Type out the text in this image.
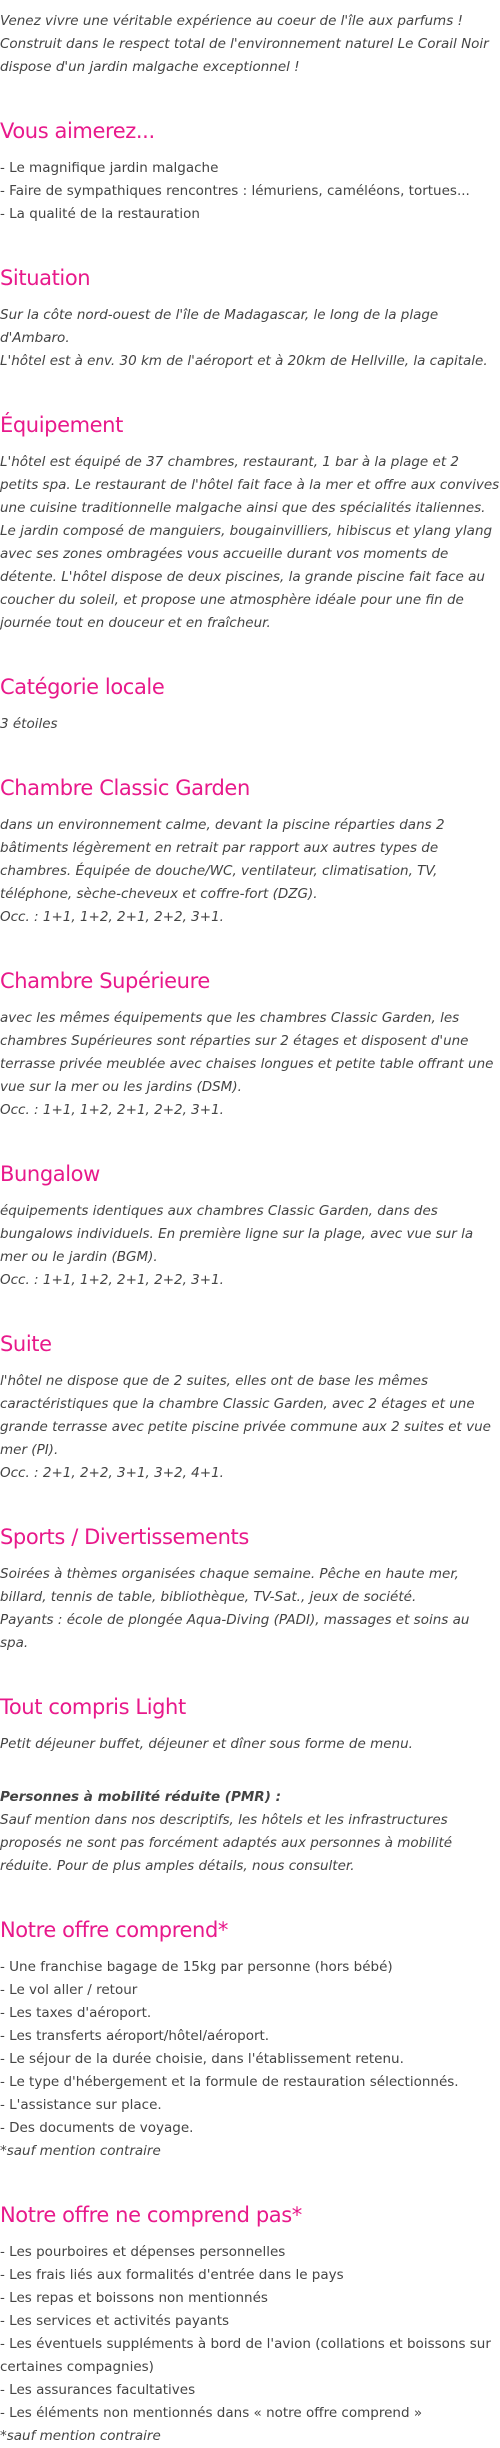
Venez vivre une véritable expérience au coeur de l'île aux parfums ! Construit dans le respect total de l'environnement naturel Le Corail Noir dispose d'un jardin malgache exceptionnel !

Vous aimerez...
- Le magnifique jardin malgache
- Faire de sympathiques rencontres : lémuriens, caméléons, tortues...
- La qualité de la restauration
Situation

Sur la côte nord-ouest de l'île de Madagascar, le long de la plage d'Ambaro.

L'hôtel est à env. 30 km de l'aéroport et à 20km de Hellville, la capitale.

Équipement

L'hôtel est équipé de 37 chambres, restaurant, 1 bar à la plage et 2 petits spa. Le restaurant de l'hôtel fait face à la mer et offre aux convives une cuisine traditionnelle malgache ainsi que des spécialités italiennes. Le jardin composé de manguiers, bougainvilliers, hibiscus et ylang ylang avec ses zones ombragées vous accueille durant vos moments de détente. L'hôtel dispose de deux piscines, la grande piscine fait face au coucher du soleil, et propose une atmosphère idéale pour une fin de journée tout en douceur et en fraîcheur.

Catégorie locale

3 étoiles

Chambre Classic Garden

dans un environnement calme, devant la piscine réparties dans 2 bâtiments légèrement en retrait par rapport aux autres types de chambres. Équipée de douche/WC, ventilateur, climatisation, TV, téléphone, sèche-cheveux et coffre-fort (DZG).

Occ. : 1+1, 1+2, 2+1, 2+2, 3+1.

Chambre Supérieure

avec les mêmes équipements que les chambres Classic Garden, les chambres Supérieures sont réparties sur 2 étages et disposent d'une terrasse privée meublée avec chaises longues et petite table offrant une vue sur la mer ou les jardins (DSM).

Occ. : 1+1, 1+2, 2+1, 2+2, 3+1.

Bungalow

équipements identiques aux chambres Classic Garden, dans des bungalows individuels. En première ligne sur la plage, avec vue sur la mer ou le jardin (BGM).

Occ. : 1+1, 1+2, 2+1, 2+2, 3+1.

Suite

l'hôtel ne dispose que de 2 suites, elles ont de base les mêmes caractéristiques que la chambre Classic Garden, avec 2 étages et une grande terrasse avec petite piscine privée commune aux 2 suites et vue mer (PI).

Occ. : 2+1, 2+2, 3+1, 3+2, 4+1.

Sports / Divertissements

Soirées à thèmes organisées chaque semaine. Pêche en haute mer, billard, tennis de table, bibliothèque, TV-Sat., jeux de société.

Payants : école de plongée Aqua-Diving (PADI), massages et soins au spa.

Tout compris Light

Petit déjeuner buffet, déjeuner et dîner sous forme de menu.

Personnes à mobilité réduite (PMR) :

Sauf mention dans nos descriptifs, les hôtels et les infrastructures proposés ne sont pas forcément adaptés aux personnes à mobilité réduite. Pour de plus amples détails, nous consulter.

Notre offre comprend*
- Une franchise bagage de 15kg par personne (hors bébé)
- Le vol aller / retour
- Les taxes d'aéroport.
- Les transferts aéroport/hôtel/aéroport.
- Le séjour de la durée choisie, dans l'établissement retenu.
- Le type d'hébergement et la formule de restauration sélectionnés.
- L'assistance sur place.
- Des documents de voyage.

*sauf mention contraire

Notre offre ne comprend pas*
- Les pourboires et dépenses personnelles
- Les frais liés aux formalités d'entrée dans le pays
- Les repas et boissons non mentionnés
- Les services et activités payants
- Les éventuels suppléments à bord de l'avion (collations et boissons sur certaines compagnies)
- Les assurances facultatives
- Les éléments non mentionnés dans « notre offre comprend »

*sauf mention contraire
